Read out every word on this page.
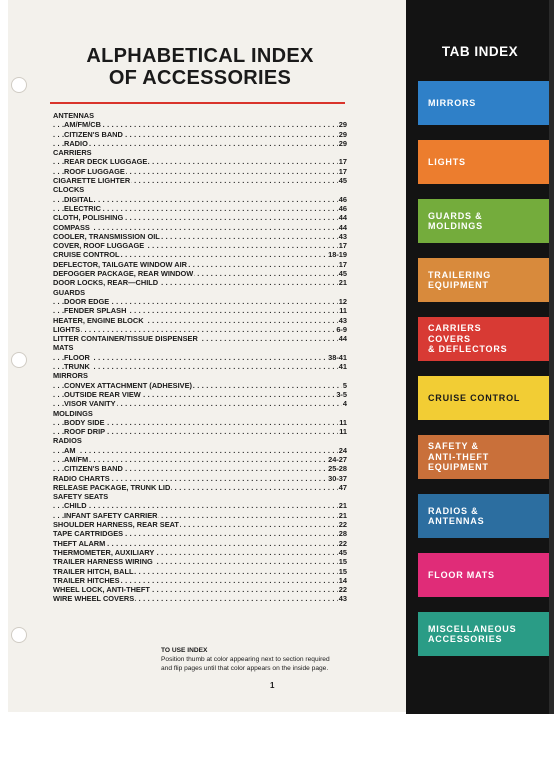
ALPHABETICAL INDEX
OF ACCESSORIES
ANTENNAS
AM/FM/CB	29
. . .
CITIZEN'S BAND	29
. . .
RADIO	29
. . .
CARRIERS
REAR DECK LUGGAGE	17
. . .
ROOF LUGGAGE	17
. . .
CIGARETTE LIGHTER	45
. . .
CLOCKS
DIGITAL	46
. . .
ELECTRIC	46
. . .
CLOTH, POLISHING	44
. . .
COMPASS	44
. . .
COOLER, TRANSMISSION OIL	43
. . .
COVER, ROOF LUGGAGE	17
. . .
CRUISE CONTROL	18-19
. . .
DEFLECTOR, TAILGATE WINDOW AIR	17
. . .
DEFOGGER PACKAGE, REAR WINDOW	45
. . .
DOOR LOCKS, REAR—CHILD	21
. . .
GUARDS
DOOR EDGE	12
. . .
FENDER SPLASH	11
. . .
HEATER, ENGINE BLOCK	43
. . .
LIGHTS	6-9
. . .
LITTER CONTAINER/TISSUE DISPENSER	44
. . .
MATS
FLOOR	38-41
. . .
TRUNK	41
. . .
MIRRORS
CONVEX ATTACHMENT (ADHESIVE)	5
. . .
OUTSIDE REAR VIEW	3-5
. . .
VISOR VANITY	4
. . .
MOLDINGS
BODY SIDE	11
. . .
ROOF DRIP	11
. . .
RADIOS
AM	24
. . .
AM/FM	24-27
. . .
CITIZEN'S BAND	25-28
. . .
RADIO CHARTS	30-37
. . .
RELEASE PACKAGE, TRUNK LID	47
. . .
SAFETY SEATS
CHILD	21
. . .
INFANT SAFETY CARRIER	21
. . .
SHOULDER HARNESS, REAR SEAT	22
. . .
TAPE CARTRIDGES	28
. . .
THEFT ALARM	22
. . .
THERMOMETER, AUXILIARY	45
. . .
TRAILER HARNESS WIRING	15
. . .
TRAILER HITCH, BALL	15
. . .
TRAILER HITCHES	14
. . .
WHEEL LOCK, ANTI-THEFT	22
. . .
WIRE WHEEL COVERS	43
. . .
TO USE INDEX
Position thumb at color appearing next to section required
and flip pages until that color appears on the inside page.
1
TAB INDEX
MIRRORS
LIGHTS
GUARDS &
MOLDINGS
TRAILERING
EQUIPMENT
CARRIERS
COVERS
& DEFLECTORS
CRUISE CONTROL
SAFETY &
ANTI-THEFT
EQUIPMENT
RADIOS &
ANTENNAS
FLOOR MATS
MISCELLANEOUS
ACCESSORIES
